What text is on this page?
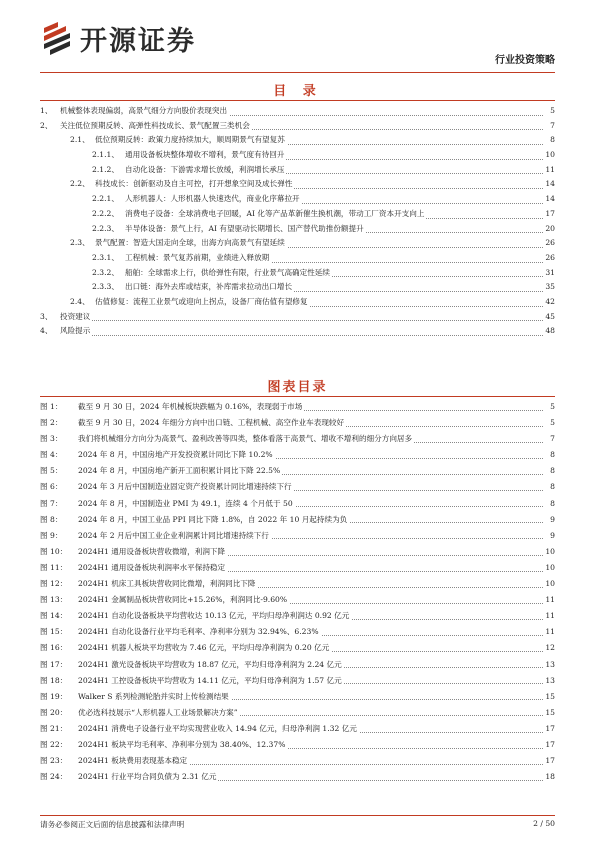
开源证券
行业投资策略
目 录
1、 机械整体表现偏弱，高景气细分方向股价表现突出	5
2、 关注低位预期反转、高弹性科技成长、景气配置三类机会	7
2.1、 低位预期反转：政策力度持续加大，顺周期景气有望复苏	8
2.1.1、 通用设备板块整体增收不增利，景气度有待回升	10
2.1.2、 自动化设备：下游需求增长放缓，利润增长承压	11
2.2、 科技成长：创新驱动及自主可控，打开想象空间及成长弹性	14
2.2.1、 人形机器人：人形机器人快速迭代，商业化序幕拉开	14
2.2.2、 消费电子设备：全球消费电子回暖，AI 化等产品革新催生换机潮，带动工厂资本开支向上	17
2.2.3、 半导体设备：景气上行，AI 有望驱动长期增长、国产替代助推份额提升	20
2.3、 景气配置：智造大国走向全球，出海方向高景气有望延续	26
2.3.1、 工程机械：景气复苏前期，业绩进入释放期	26
2.3.2、 船舶：全球需求上行，供给弹性有限，行业景气高确定性延续	31
2.3.3、 出口链：海外去库或结束，补库需求拉动出口增长	35
2.4、 估值修复：流程工业景气或迎向上拐点，设备厂商估值有望修复	42
3、 投资建议	45
4、 风险提示	48
图表目录
图 1： 截至 9 月 30 日，2024 年机械板块跌幅为 0.16%，表现弱于市场	5
图 2： 截至 9 月 30 日，2024 年细分方向中出口链、工程机械、高空作业车表现较好	5
图 3： 我们将机械细分方向分为高景气、盈利改善等四类，整体看落于高景气、增收不增利的细分方向居多	7
图 4： 2024 年 8 月，中国房地产开发投资累计同比下降 10.2%	8
图 5： 2024 年 8 月，中国房地产新开工面积累计同比下降 22.5%	8
图 6： 2024 年 3 月后中国制造业固定资产投资累计同比增速持续下行	8
图 7： 2024 年 8 月，中国制造业 PMI 为 49.1，连续 4 个月低于 50	8
图 8： 2024 年 8 月，中国工业品 PPI 同比下降 1.8%，自 2022 年 10 月起持续为负	9
图 9： 2024 年 2 月后中国工业企业利润累计同比增速持续下行	9
图 10： 2024H1 通用设备板块营收微增，利润下降	10
图 11： 2024H1 通用设备板块利润率水平保持稳定	10
图 12： 2024H1 机床工具板块营收同比微增，利润同比下降	10
图 13： 2024H1 金属制品板块营收同比+15.26%，利润同比-9.60%	11
图 14： 2024H1 自动化设备板块平均营收达 10.13 亿元，平均归母净利润达 0.92 亿元	11
图 15： 2024H1 自动化设备行业平均毛利率、净利率分别为 32.94%、6.23%	11
图 16： 2024H1 机器人板块平均营收为 7.46 亿元，平均归母净利润为 0.20 亿元	12
图 17： 2024H1 激光设备板块平均营收为 18.87 亿元，平均归母净利润为 2.24 亿元	13
图 18： 2024H1 工控设备板块平均营收为 14.11 亿元，平均归母净利润为 1.57 亿元	13
图 19： Walker S 系列检测轮胎并实时上传检测结果	15
图 20： 优必选科技展示“人形机器人工业场景解决方案”	15
图 21： 2024H1 消费电子设备行业平均实现营业收入 14.94 亿元，归母净利润 1.32 亿元	17
图 22： 2024H1 板块平均毛利率、净利率分别为 38.40%、12.37%	17
图 23： 2024H1 板块费用表现基本稳定	17
图 24： 2024H1 行业平均合同负债为 2.31 亿元	18
请务必参阅正文后面的信息披露和法律声明	2 / 50
